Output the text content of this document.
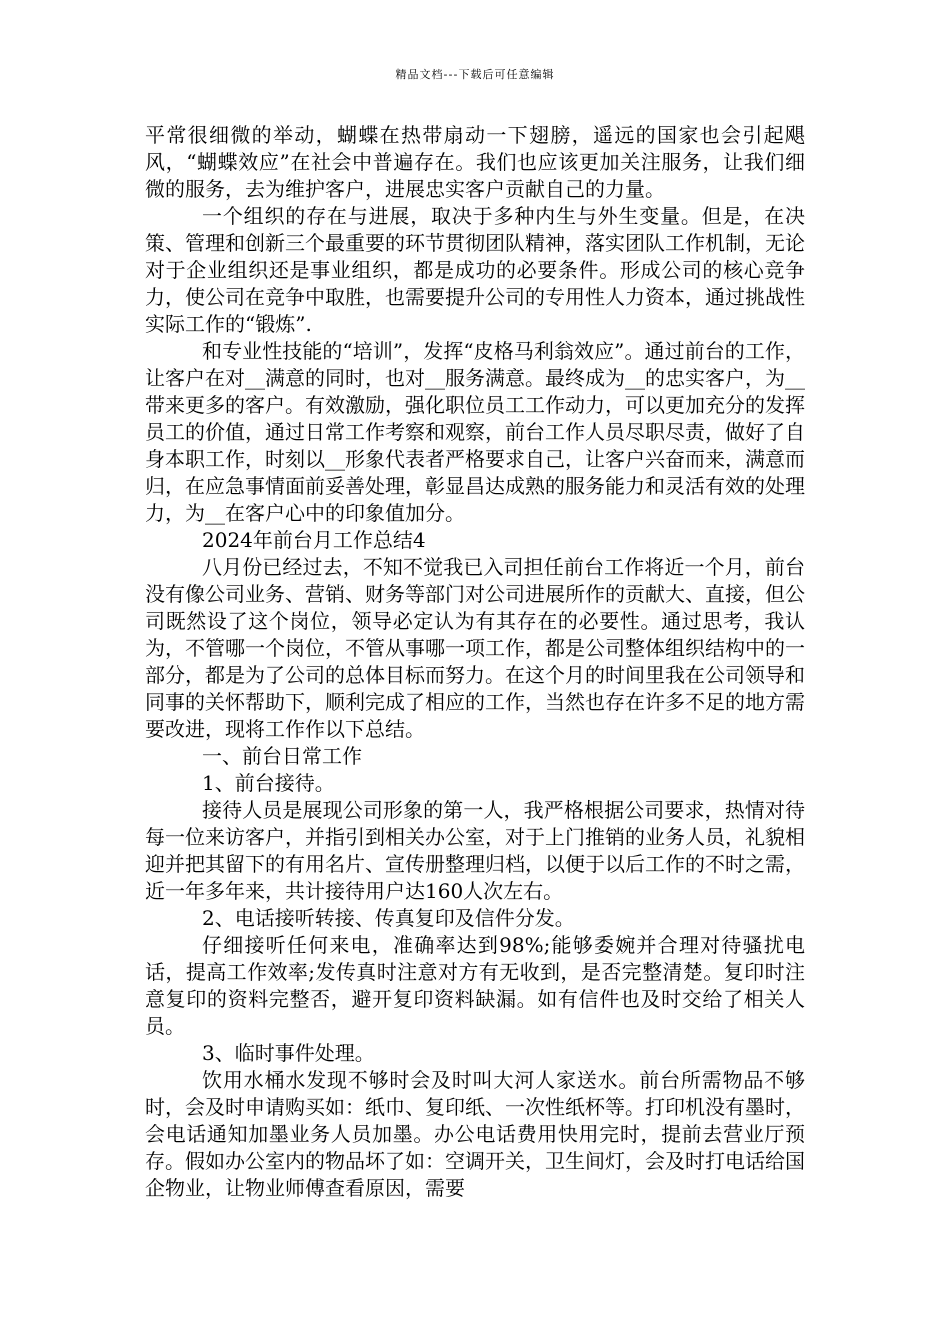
精品文档---下载后可任意编辑

平常很细微的举动，蝴蝶在热带扇动一下翅膀，遥远的国家也会引起飓风，“蝴蝶效应”在社会中普遍存在。我们也应该更加关注服务，让我们细微的服务，去为维护客户，进展忠实客户贡献自己的力量。

一个组织的存在与进展，取决于多种内生与外生变量。但是，在决策、管理和创新三个最重要的环节贯彻团队精神，落实团队工作机制，无论对于企业组织还是事业组织，都是成功的必要条件。形成公司的核心竞争力，使公司在竞争中取胜，也需要提升公司的专用性人力资本，通过挑战性实际工作的“锻炼”.

和专业性技能的“培训”，发挥“皮格马利翁效应”。通过前台的工作，让客户在对__满意的同时，也对__服务满意。最终成为__的忠实客户，为__带来更多的客户。有效激励，强化职位员工工作动力，可以更加充分的发挥员工的价值，通过日常工作考察和观察，前台工作人员尽职尽责，做好了自身本职工作，时刻以__形象代表者严格要求自己，让客户兴奋而来，满意而归，在应急事情面前妥善处理，彰显昌达成熟的服务能力和灵活有效的处理力，为__在客户心中的印象值加分。

2024年前台月工作总结4

八月份已经过去，不知不觉我已入司担任前台工作将近一个月，前台没有像公司业务、营销、财务等部门对公司进展所作的贡献大、直接，但公司既然设了这个岗位，领导必定认为有其存在的必要性。通过思考，我认为，不管哪一个岗位，不管从事哪一项工作，都是公司整体组织结构中的一部分，都是为了公司的总体目标而努力。在这个月的时间里我在公司领导和同事的关怀帮助下，顺利完成了相应的工作，当然也存在许多不足的地方需要改进，现将工作作以下总结。

一、前台日常工作

1、前台接待。

接待人员是展现公司形象的第一人，我严格根据公司要求，热情对待每一位来访客户，并指引到相关办公室，对于上门推销的业务人员，礼貌相迎并把其留下的有用名片、宣传册整理归档，以便于以后工作的不时之需，近一年多年来，共计接待用户达160人次左右。

2、电话接听转接、传真复印及信件分发。

仔细接听任何来电，准确率达到98%;能够委婉并合理对待骚扰电话，提高工作效率;发传真时注意对方有无收到，是否完整清楚。复印时注意复印的资料完整否，避开复印资料缺漏。如有信件也及时交给了相关人员。

3、临时事件处理。

饮用水桶水发现不够时会及时叫大河人家送水。前台所需物品不够时，会及时申请购买如：纸巾、复印纸、一次性纸杯等。打印机没有墨时，会电话通知加墨业务人员加墨。办公电话费用快用完时，提前去营业厅预存。假如办公室内的物品坏了如：空调开关，卫生间灯，会及时打电话给国企物业，让物业师傅查看原因，需要
